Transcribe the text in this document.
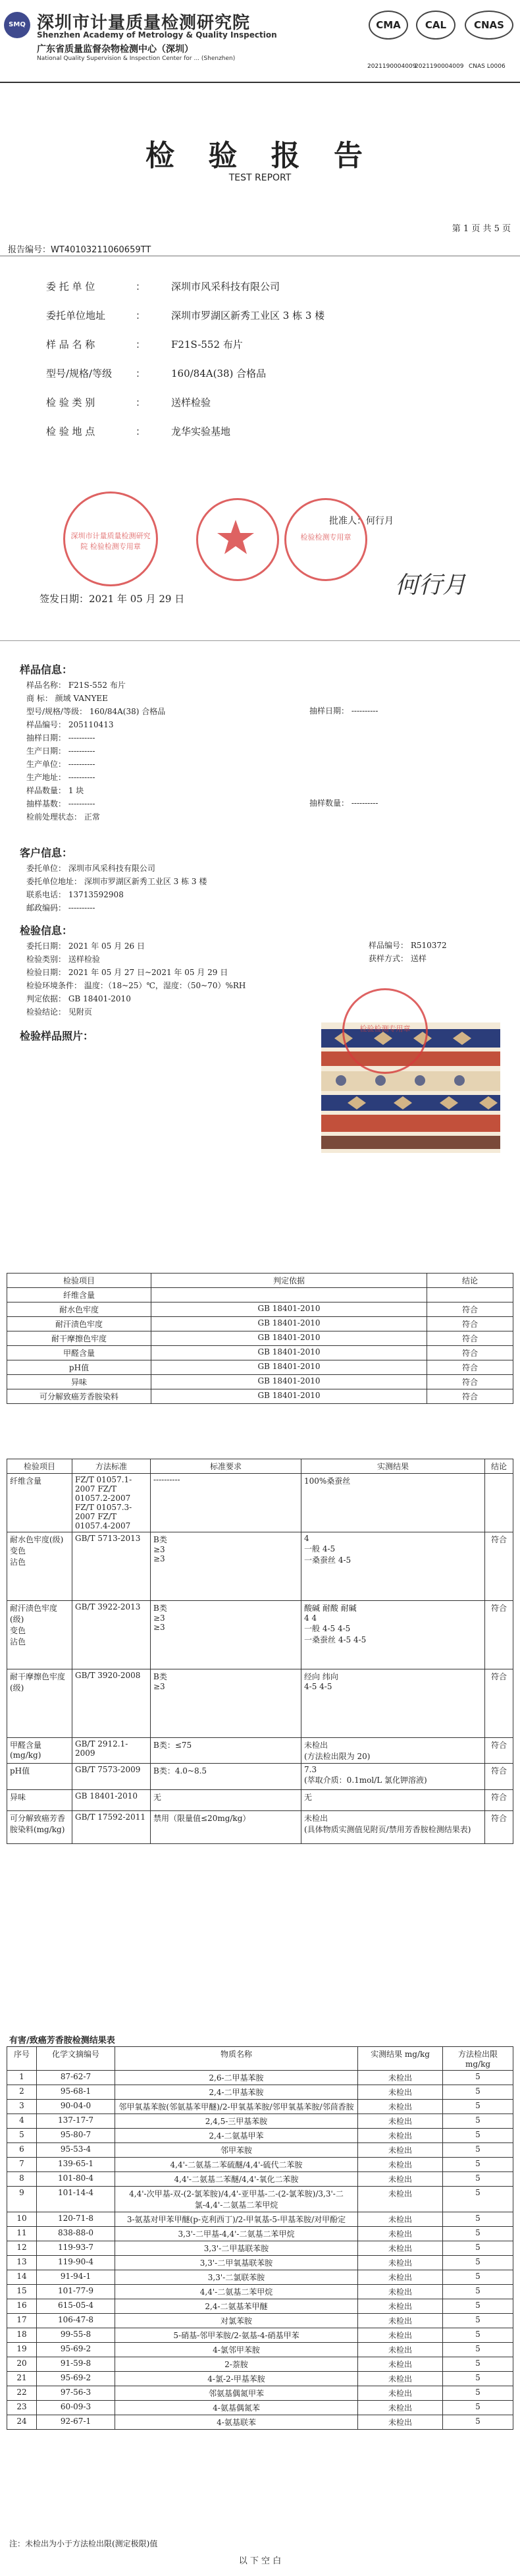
SMQ 深圳市计量质量检测研究院
Shenzhen Academy of Metrology & Quality Inspection
广东省质量监督杂物检测中心（深圳）
National Quality Supervision & Inspection Center for ... (Shenzhen)
CMA
2021190004009
CAL
2021190004009
CNAS
CNAS L0006
检 验 报 告
TEST REPORT
第 1 页 共 5 页
报告编号：WT40103211060659TT
委 托 单 位	：	深圳市风采科技有限公司
委托单位地址	：	深圳市罗湖区新秀工业区 3 栋 3 楼
样 品 名 称	：	F21S-552 布片
型号/规格/等级	：	160/84A(38) 合格品
检 验 类 别	：	送样检验
检 验 地 点	：	龙华实验基地
深圳市计量质量检测研究院 检验检测专用章
检验检测专用章
批准人：何行月
何行月
签发日期：2021 年 05 月 29 日
样品信息：
样品名称： F21S-552 布片
商 标： 颜域 VANYEE
型号/规格/等级： 160/84A(38) 合格品
样品编号： 205110413
抽样日期： ----------
生产日期： ----------
生产单位： ----------
生产地址： ----------
样品数量： 1 块
抽样基数： ----------
检前处理状态： 正常
抽样日期： ----------
抽样数量： ----------
客户信息：
委托单位： 深圳市风采科技有限公司
委托单位地址： 深圳市罗湖区新秀工业区 3 栋 3 楼
联系电话： 13713592908
邮政编码： ----------
检验信息：
委托日期： 2021 年 05 月 26 日
检验类别： 送样检验
检验日期： 2021 年 05 月 27 日~2021 年 05 月 29 日
检验环境条件： 温度：（18~25）℃，湿度：（50~70）%RH
判定依据： GB 18401-2010
检验结论： 见附页
样品编号： R510372
获样方式： 送样
检验样品照片：
检验检测专用章
检验项目	判定依据	结论
纤维含量		
耐水色牢度	GB 18401-2010	符合
耐汗渍色牢度	GB 18401-2010	符合
耐干摩擦色牢度	GB 18401-2010	符合
甲醛含量	GB 18401-2010	符合
pH值	GB 18401-2010	符合
异味	GB 18401-2010	符合
可分解致癌芳香胺染料	GB 18401-2010	符合
检验项目	方法标准	标准要求	实测结果	结论
纤维含量	FZ/T 01057.1-2007 FZ/T 01057.2-2007 FZ/T 01057.3-2007 FZ/T 01057.4-2007	----------	100%桑蚕丝	
耐水色牢度(级)
变色
沾色	GB/T 5713-2013	B类
≥3
≥3	4
一般 4-5
一桑蚕丝 4-5	符合
耐汗渍色牢度(级)
变色
沾色	GB/T 3922-2013	B类
≥3
≥3	酸碱 耐酸 耐碱
4 4
一般 4-5 4-5
一桑蚕丝 4-5 4-5	符合
耐干摩擦色牢度(级)	GB/T 3920-2008	B类
≥3	经向 纬向
4-5 4-5	符合
甲醛含量(mg/kg)	GB/T 2912.1-2009	B类：≤75	未检出
(方法检出限为 20)	符合
pH值	GB/T 7573-2009	B类：4.0~8.5	7.3
(萃取介质：0.1mol/L 氯化钾溶液)	符合
异味	GB 18401-2010	无	无	符合
可分解致癌芳香胺染料(mg/kg)	GB/T 17592-2011	禁用（限量值≤20mg/kg）	未检出
(具体物质实测值见附页/禁用芳香胺检测结果表)	符合
有害/致癌芳香胺检测结果表
序号	化学文摘编号	物质名称	实测结果 mg/kg	方法检出限 mg/kg
1	87-62-7	2,6-二甲基苯胺	未检出	5
2	95-68-1	2,4-二甲基苯胺	未检出	5
3	90-04-0	邻甲氧基苯胺(邻氨基苯甲醚)/2-甲氧基苯胺/邻甲氧基苯胺/邻茴香胺	未检出	5
4	137-17-7	2,4,5-三甲基苯胺	未检出	5
5	95-80-7	2,4-二氨基甲苯	未检出	5
6	95-53-4	邻甲苯胺	未检出	5
7	139-65-1	4,4'-二氨基二苯硫醚/4,4'-硫代二苯胺	未检出	5
8	101-80-4	4,4'-二氨基二苯醚/4,4'-氧化二苯胺	未检出	5
9	101-14-4	4,4'-次甲基-双-(2-氯苯胺)/4,4'-亚甲基-二-(2-氯苯胺)/3,3'-二氯-4,4'-二氨基二苯甲烷	未检出	5
10	120-71-8	3-氨基对甲苯甲醚(p-克利西丁)/2-甲氧基-5-甲基苯胺/对甲酚定	未检出	5
11	838-88-0	3,3'-二甲基-4,4'-二氨基二苯甲烷	未检出	5
12	119-93-7	3,3'-二甲基联苯胺	未检出	5
13	119-90-4	3,3'-二甲氧基联苯胺	未检出	5
14	91-94-1	3,3'-二氯联苯胺	未检出	5
15	101-77-9	4,4'-二氨基二苯甲烷	未检出	5
16	615-05-4	2,4-二氨基苯甲醚	未检出	5
17	106-47-8	对氯苯胺	未检出	5
18	99-55-8	5-硝基-邻甲苯胺/2-氨基-4-硝基甲苯	未检出	5
19	95-69-2	4-氯邻甲苯胺	未检出	5
20	91-59-8	2-萘胺	未检出	5
21	95-69-2	4-氯-2-甲基苯胺	未检出	5
22	97-56-3	邻氨基偶氮甲苯	未检出	5
23	60-09-3	4-氨基偶氮苯	未检出	5
24	92-67-1	4-氨基联苯	未检出	5
注：未检出为小于方法检出限(测定极限)值
以 下 空 白
